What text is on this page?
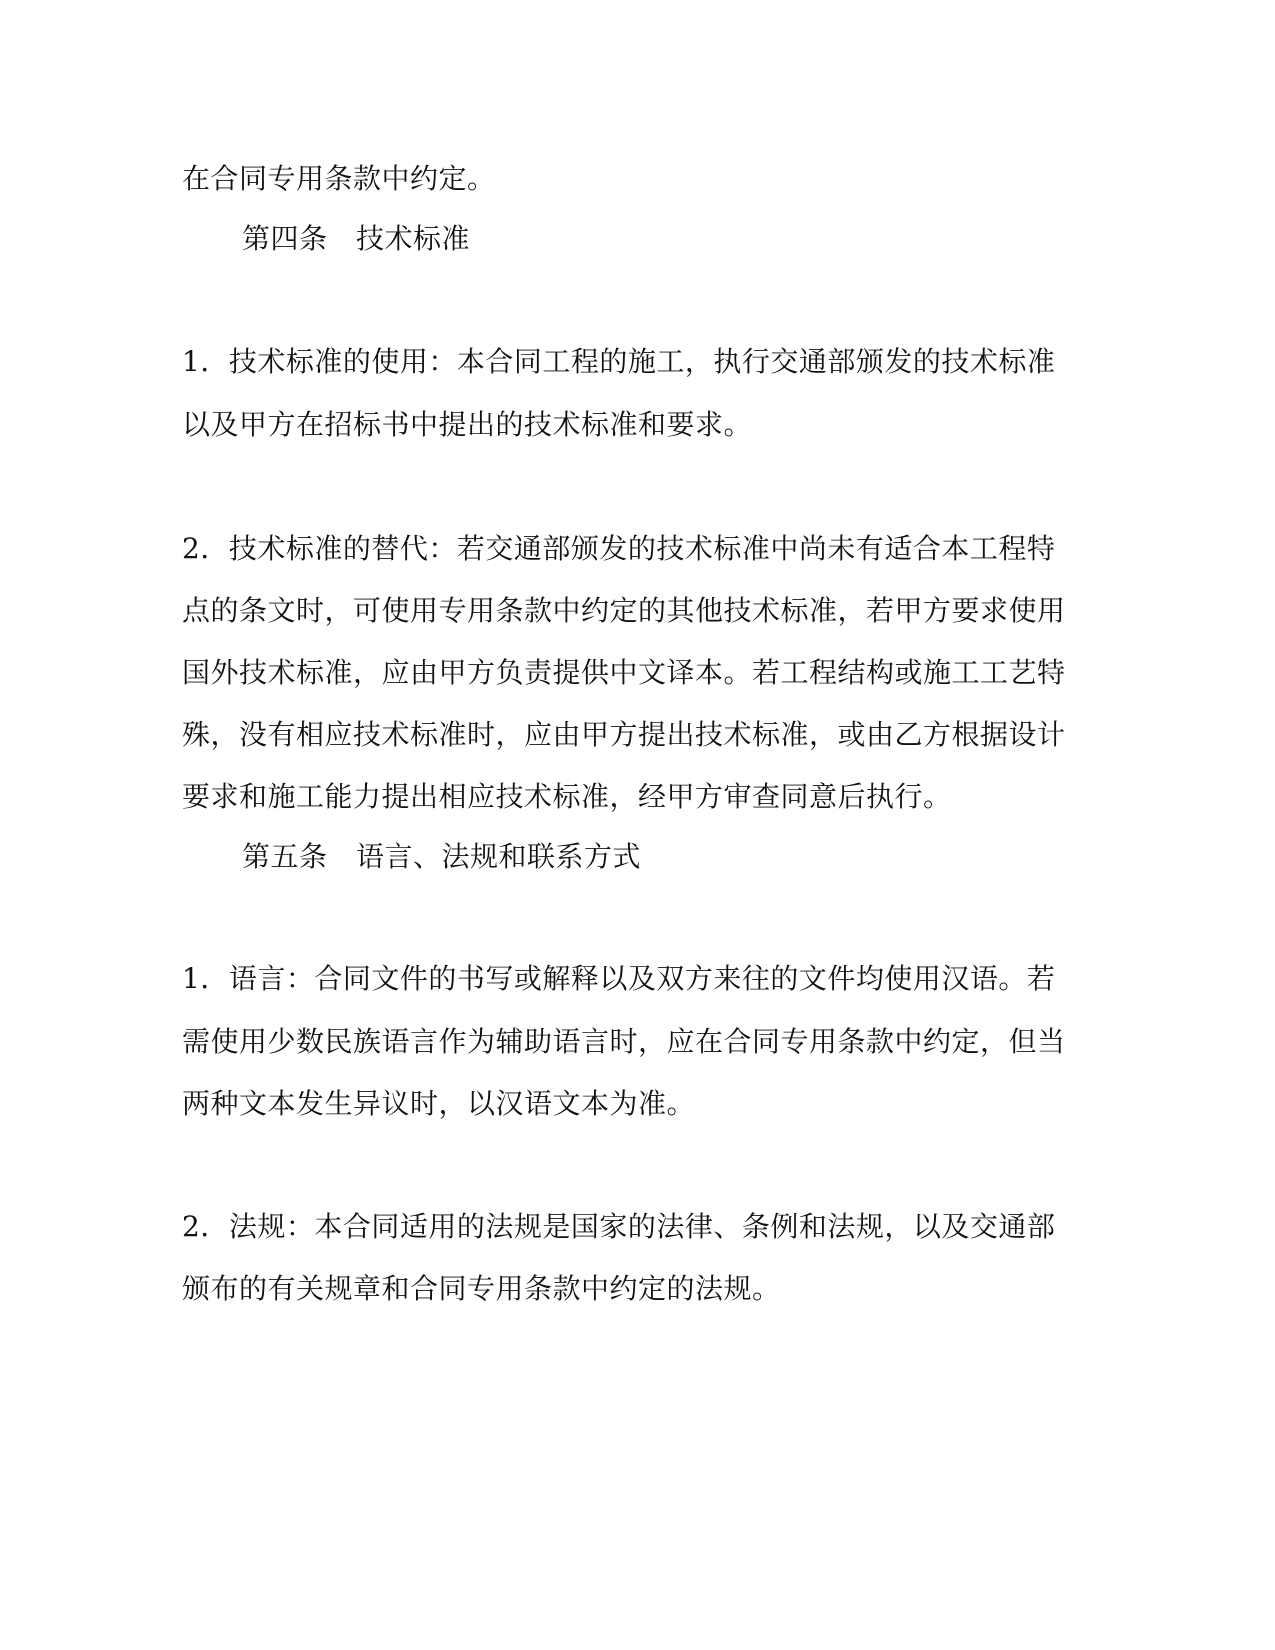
在合同专用条款中约定。
第四条　技术标准
1．技术标准的使用：本合同工程的施工，执行交通部颁发的技术标准
以及甲方在招标书中提出的技术标准和要求。
2．技术标准的替代：若交通部颁发的技术标准中尚未有适合本工程特
点的条文时，可使用专用条款中约定的其他技术标准，若甲方要求使用
国外技术标准，应由甲方负责提供中文译本。若工程结构或施工工艺特
殊，没有相应技术标准时，应由甲方提出技术标准，或由乙方根据设计
要求和施工能力提出相应技术标准，经甲方审查同意后执行。
第五条　语言、法规和联系方式
1．语言：合同文件的书写或解释以及双方来往的文件均使用汉语。若
需使用少数民族语言作为辅助语言时，应在合同专用条款中约定，但当
两种文本发生异议时，以汉语文本为准。
2．法规：本合同适用的法规是国家的法律、条例和法规，以及交通部
颁布的有关规章和合同专用条款中约定的法规。
